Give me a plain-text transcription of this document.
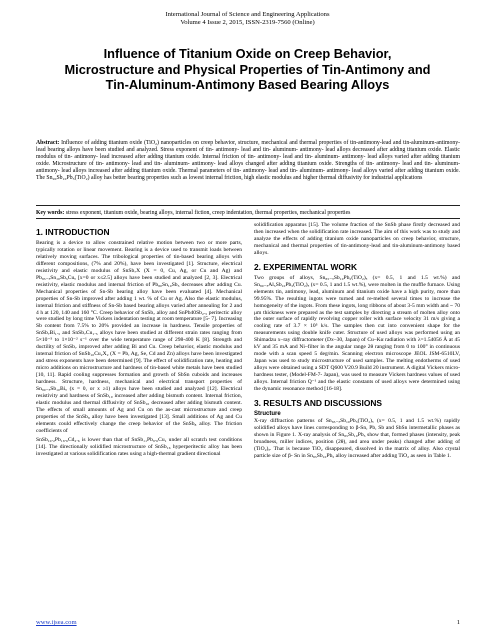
International Journal of Science and Engineering Applications
Volume 4 Issue 2, 2015, ISSN-2319-7560 (Online)
Influence of Titanium Oxide on Creep Behavior,
Microstructure and Physical Properties of Tin-Antimony and
Tin-Aluminum-Antimony Based Bearing Alloys
Abstract: Influence of adding titanium oxide (TiO₂) nanoparticles on creep behavior, structure, mechanical and thermal properties of tin-antimony-lead and tin-aluminum-antimony-lead bearing alloys have been studied and analyzed. Stress exponent of tin- antimony- lead and tin- aluminum- antimony- lead alloys decreased after adding titanium oxide. Elastic modulus of tin- antimony- lead increased after adding titanium oxide. Internal friction of tin- antimony- lead and tin- aluminum- antimony- lead alloys varied after adding titanium oxide. Microstructure of tin- antimony- lead and tin- aluminum- antimony- lead alloys changed after adding titanium oxide. Strengths of tin- antimony- lead and tin- aluminum- antimony- lead alloys increased after adding titanium oxide. Thermal parameters of tin- antimony- lead and tin- aluminum- antimony- lead alloys varied after adding titanium oxide. The Sn₉₀Sb₁₀Pb₅(TiO₂) alloy has better bearing properties such as lowest internal friction, high elastic modulus and higher thermal diffusivity for industrial applications
Key words: stress exponent, titanium oxide, bearing alloys, internal fiction, creep indentation, thermal properties, mechanical properties
1. INTRODUCTION

Bearing is a device to allow constrained relative motion between two or more parts, typically rotation or linear movement. Bearing is a device used to transmit loads between relatively moving surfaces. The tribological properties of tin-based bearing alloys with different compositions, (7% and 20%), have been investigated [1]. Structure, electrical resistivity and elastic modulus of SnSb₇X (X = 0, Cu, Ag, or Cu and Ag) and Pb₈₅₋ₓSn₁₀Sb₅Cuₓ [x=0 or x≤2.5] alloys have been studied and analyzed [2, 3]. Electrical resistivity, elastic modulus and internal friction of Pb₈₀Sn₁₀Sb₅ decreases after adding Cu. Mechanical properties of Sn-Sb bearing alloy have been evaluated [4]. Mechanical properties of Sn-Sb improved after adding 1 wt. % of Cu or Ag. Also the elastic modulus, internal friction and stiffness of Sn-Sb based bearing alloys varied after annealing for 2 and 4 h at 120, 140 and 160 °C. Creep behavior of SnSb₇ alloy and SnPb40Sb₂.₅ peritectic alloy were studied by long time Vickers indentation testing at room temperature [5- 7]. Increasing Sb content from 7.5% to 20% provided an increase in hardness. Tensile properties of SnSb₇Bi₁.₅ and SnSb₇Cu₁.₅ alloys have been studied at different strain rates ranging from 5×10⁻⁵ to 1×10⁻² s⁻¹ over the wide temperature range of 298-400 K [8]. Strength and ductility of SnSb₇ improved after adding Bi and Cu. Creep behavior, elastic modulus and internal friction of SnSb₁₀Cu₂X₂ (X = Pb, Ag, Se, Cd and Zn) alloys have been investigated and stress exponents have been determined [9]. The effect of solidification rate, heating and micro additions on microstructure and hardness of tin-based white metals have been studied [10, 11]. Rapid cooling suppresses formation and growth of SbSn cuboids and increases hardness. Structure, hardness, mechanical and electrical transport properties of Sn₉₀₋ₓSb₁₀Biₓ (x = 0, or x ≥1) alloys have been studied and analyzed [12]. Electrical resistivity and hardness of SnSb₁₀ increased after adding bismuth content. Internal friction, elastic modulus and thermal diffusivity of SnSb₁₀ decreased after adding bismuth content. The effects of small amounts of Ag and Cu on the as-cast microstructure and creep properties of the SnSb₈ alloy have been investigated [13]. Small additions of Ag and Cu elements could effectively change the creep behavior of the SnSb₈ alloy. The friction coefficients of

SnSb₁₀.₂Pb₁₈.₆Cd₂.₆ is lower than that of SnSb₁₁Pb₉.₆Cu₁ under all scratch test conditions [14]. The directionally solidified microstructure of SnSb₁₆ hyperperitectic alloy has been investigated at various solidification rates using a high-thermal gradient directional

solidification apparatus [15]. The volume fraction of the SnSb phase firstly decreased and then increased when the solidification rate increased. The aim of this work was to study and analyze the effects of adding titanium oxide nanoparticles on creep behavior, structure, mechanical and thermal properties of tin-antimony-lead and tin-aluminum-antimony based alloys.

2. EXPERIMENTAL WORK

Two groups of alloys, Sn₈₅₋ₓSb₁₀Pb₅(TiO₂)ₓ (x= 0.5, 1 and 1.5 wt.%) and Sn₈₀₋ₓAl₅Sb₁₀Pb₅(TiO₂)ₓ (x= 0.5, 1 and 1.5 wt.%), were molten in the muffle furnace. Using elements tin, antimony, lead, aluminum and titanium oxide have a high purity, more than 99.95%. The resulting ingots were turned and re-melted several times to increase the homogeneity of the ingots. From these ingots, long ribbons of about 3-5 mm width and ~ 70 μm thickness were prepared as the test samples by directing a stream of molten alloy onto the outer surface of rapidly revolving copper roller with surface velocity 31 m/s giving a cooling rate of 3.7 × 10⁵ k/s. The samples then cut into convenient shape for the measurements using double knife cuter. Structure of used alloys was performed using an Shimadzu x–ray diffractometer (Dx–30, Japan) of Cu–Kα radiation with λ=1.54056 Å at 45 kV and 35 mA and Ni–filter in the angular range 2θ ranging from 0 to 100° in continuous mode with a scan speed 5 deg/min. Scanning electron microscope JEOL JSM-6510LV, Japan was used to study microstructure of used samples. The melting endotherms of used alloys were obtained using a SDT Q600 V20.9 Build 20 instrument. A digital Vickers micro-hardness tester, (Model-FM-7- Japan), was used to measure Vickers hardness values of used alloys. Internal friction Q⁻¹ and the elastic constants of used alloys were determined using the dynamic resonance method [16-18].

3. RESULTS AND DISCUSSIONS
Structure

X-ray diffraction patterns of Sn₈₅₋ₓSb₁₀Pb₅(TiO₂)ₓ (x= 0.5, 1 and 1.5 wt.%) rapidly solidified alloys have lines corresponding to β-Sn, Pb, Sb and SbSn intermetallic phases as shown in Figure 1. X-ray analysis of Sn₈₅Sb₁₀Pb₅ show that, formed phases (intensity, peak broadness, miller indices, position (2θ), and area under peaks) changed after adding of (TiO₂)ₓ. That is because TiO₂ disappeared, dissolved in the matrix of alloy. Also crystal particle size of β- Sn in Sn₈₅Sb₁₀Pb₅ alloy increased after adding TiO₂ as seen in Table 1.

www.ijsea.com	1
